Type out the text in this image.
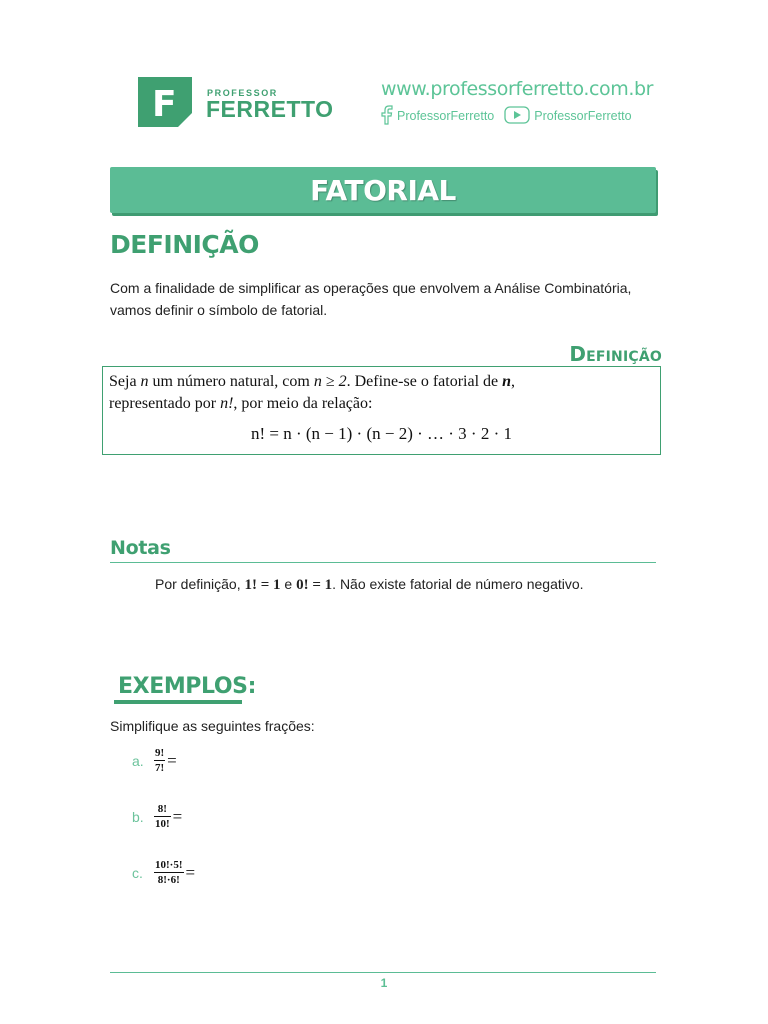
F	PROFESSOR
FERRETTO
www.professorferretto.com.br
ProfessorFerretto	ProfessorFerretto
FATORIAL
DEFINIÇÃO
Com a finalidade de simplificar as operações que envolvem a Análise Combinatória,
vamos definir o símbolo de fatorial.
Definição
Seja n um número natural, com n ≥ 2. Define-se o fatorial de n,
representado por n!, por meio da relação:
n! = n · (n − 1) · (n − 2) · … · 3 · 2 · 1
Notas
Por definição, 1! = 1 e 0! = 1. Não existe fatorial de número negativo.
EXEMPLOS:
Simplifique as seguintes frações:
a. $\frac{9!}{7!}$ =
b. $\frac{8!}{10!}$ =
c.	$\frac{10!\cdot 5!}{8!\cdot 6!}$ =
1
